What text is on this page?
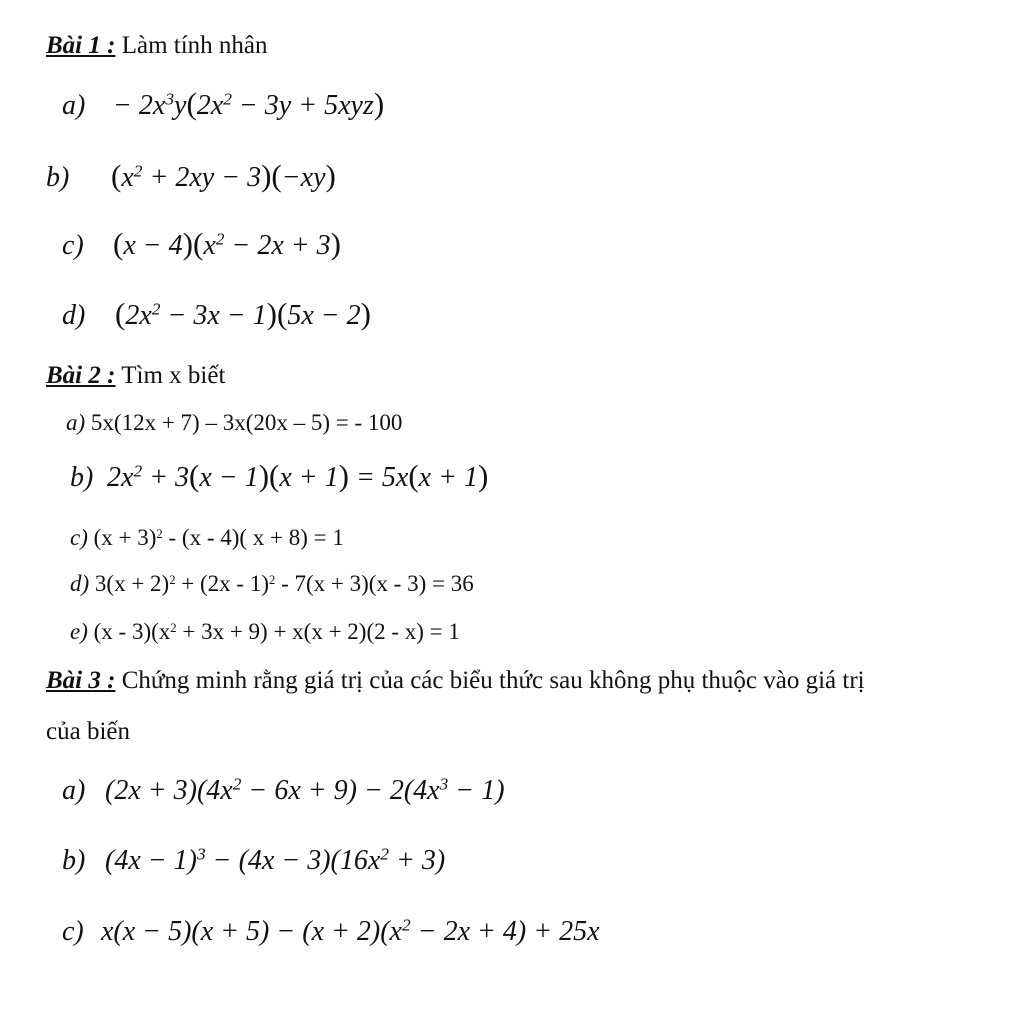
Bài 1 : Làm tính nhân
$a) - 2x^3y(2x^2 - 3y + 5xyz)$
b) $(x^2 + 2xy - 3)(-xy)$
c) $(x - 4)(x^2 - 2x + 3)$
d) $(2x^2 - 3x - 1)(5x - 2)$
Bài 2 : Tìm x biết
a) 5x(12x + 7) – 3x(20x – 5) = - 100
b) $2x^2 + 3(x - 1)(x + 1) = 5x(x + 1)$
c) $(x + 3)^2 - (x - 4)$( x + 8) = 1
d) $3(x + 2)^2 + (2x - 1)^2 - 7(x + 3)(x - 3) = 36$
e) $(x - 3)(x^2 + 3x + 9) + x(x + 2)(2 - x) = 1$
Bài 3 : Chứng minh rằng giá trị của các biểu thức sau không phụ thuộc vào giá trị
của biến
a) $(2x + 3)(4x^2 - 6x + 9) - 2(4x^3 - 1)$
b) $(4x - 1)^3 - (4x - 3)(16x^2 + 3)$
c) $x(x - 5)(x + 5) - (x + 2)(x^2 - 2x + 4) + 25x$
